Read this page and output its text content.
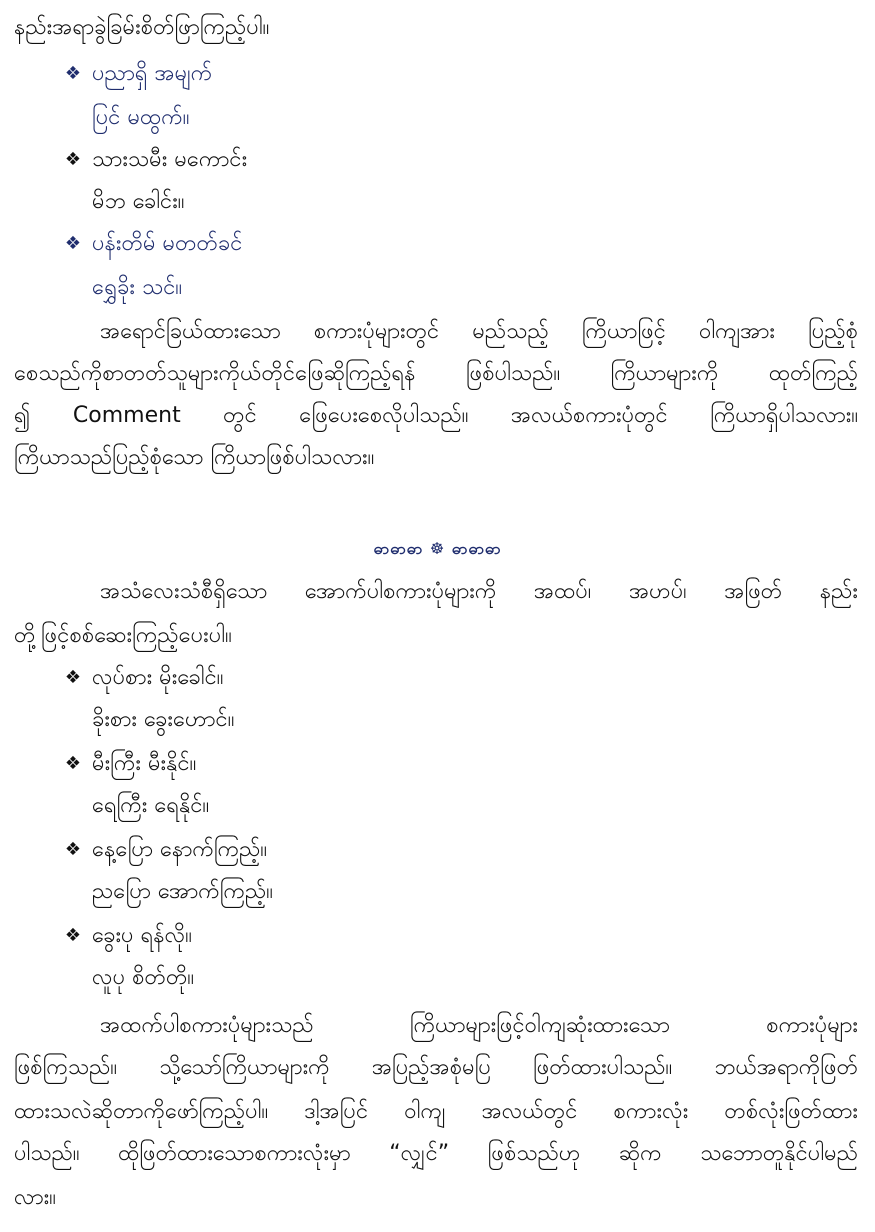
နည်းအရာခွဲခြမ်းစိတ်ဖြာကြည့်ပါ။
❖ ပညာရှိ အမျက်
ပြင် မထွက်။
❖ သားသမီး မကောင်း
မိဘ ခေါင်း။
❖ ပန်းတိမ် မတတ်ခင်
ရွှေခိုး သင်။
အရောင်ခြယ်ထားသော စကားပုံများတွင် မည်သည့် ကြိယာဖြင့် ဝါကျအား ပြည့်စုံ
စေသည်ကိုစာတတ်သူများကိုယ်တိုင်ဖြေဆိုကြည့်ရန် ဖြစ်ပါသည်။ ကြိယာများကို ထုတ်ကြည့်
၍ Comment တွင် ဖြေပေးစေလိုပါသည်။ အလယ်စကားပုံတွင် ကြိယာရှိပါသလား။
ကြိယာသည်ပြည့်စုံသော ကြိယာဖြစ်ပါသလား။
ဓာဓာဓာ ☸ ဓာဓာဓာ
အသံလေးသံစီရှိသော အောက်ပါစကားပုံများကို အထပ်၊ အဟပ်၊ အဖြတ် နည်း
တို့ဖြင့်စစ်ဆေးကြည့်ပေးပါ။
❖ လုပ်စား မိုးခေါင်။
ခိုးစား ခွေးဟောင်။
❖ မီးကြီး မီးနိုင်။
ရေကြီး ရေနိုင်။
❖ နေ့ပြော နောက်ကြည့်။
ညပြော အောက်ကြည့်။
❖ ခွေးပု ရန်လို။
လူပု စိတ်တို။
အထက်ပါစကားပုံများသည် ကြိယာများဖြင့်ဝါကျဆုံးထားသော စကားပုံများ
ဖြစ်ကြသည်။ သို့သော်ကြိယာများကို အပြည့်အစုံမပြ ဖြတ်ထားပါသည်။ ဘယ်အရာကိုဖြတ်
ထားသလဲဆိုတာကိုဖော်ကြည့်ပါ။ ဒါ့အပြင် ဝါကျ အလယ်တွင် စကားလုံး တစ်လုံးဖြတ်ထား
ပါသည်။ ထိုဖြတ်ထားသောစကားလုံးမှာ “လျှင်” ဖြစ်သည်ဟု ဆိုက သဘောတူနိုင်ပါမည်
လား။
